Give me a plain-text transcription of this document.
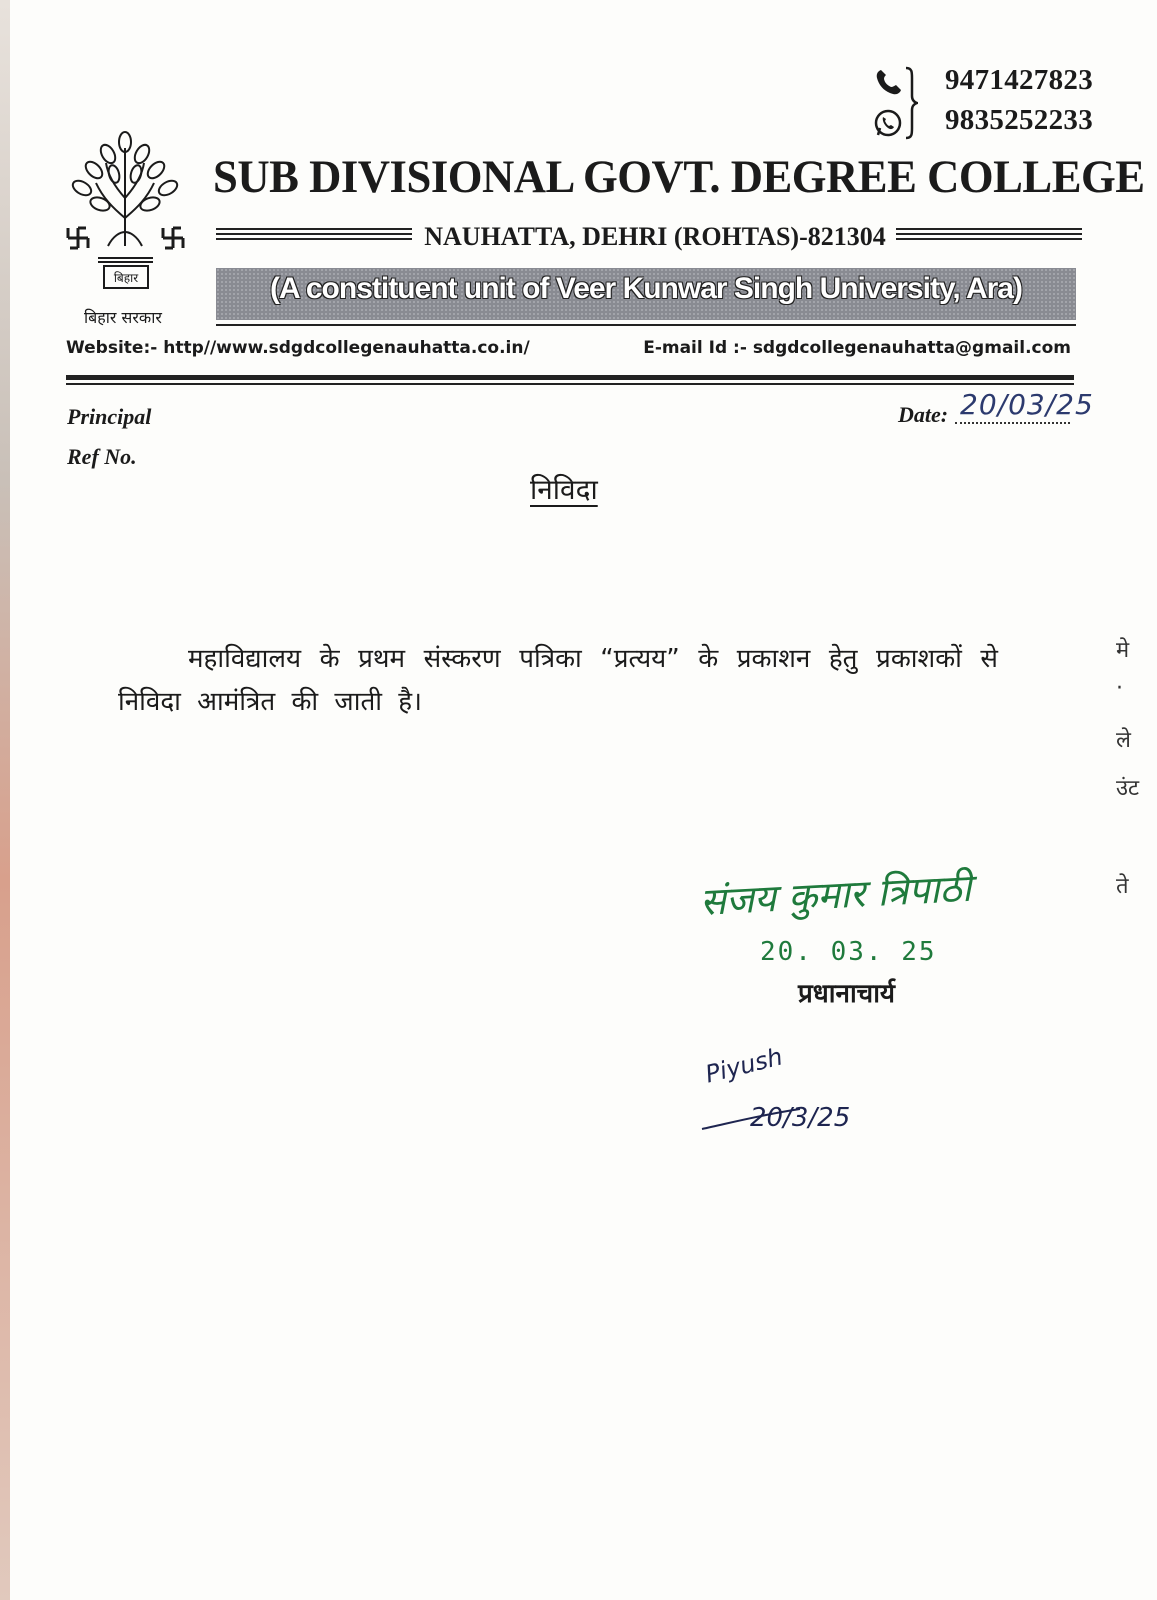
9471427823
9835252233
बिहार
बिहार सरकार
SUB DIVISIONAL GOVT. DEGREE COLLEGE
NAUHATTA, DEHRI (ROHTAS)-821304
(A constituent unit of Veer Kunwar Singh University, Ara)
Website:- http//www.sdgdcollegenauhatta.co.in/	E-mail Id :- sdgdcollegenauhatta@gmail.com
Principal
Ref No.
Date: 20/03/25
निविदा
महाविद्यालय के प्रथम संस्करण पत्रिका “प्रत्यय” के प्रकाशन हेतु प्रकाशकों से निविदा आमंत्रित की जाती है।
संजय कुमार त्रिपाठी
20. 03. 25
प्रधानाचार्य
Piyush
20/3/25
मे
·
ले
उंट
ते
